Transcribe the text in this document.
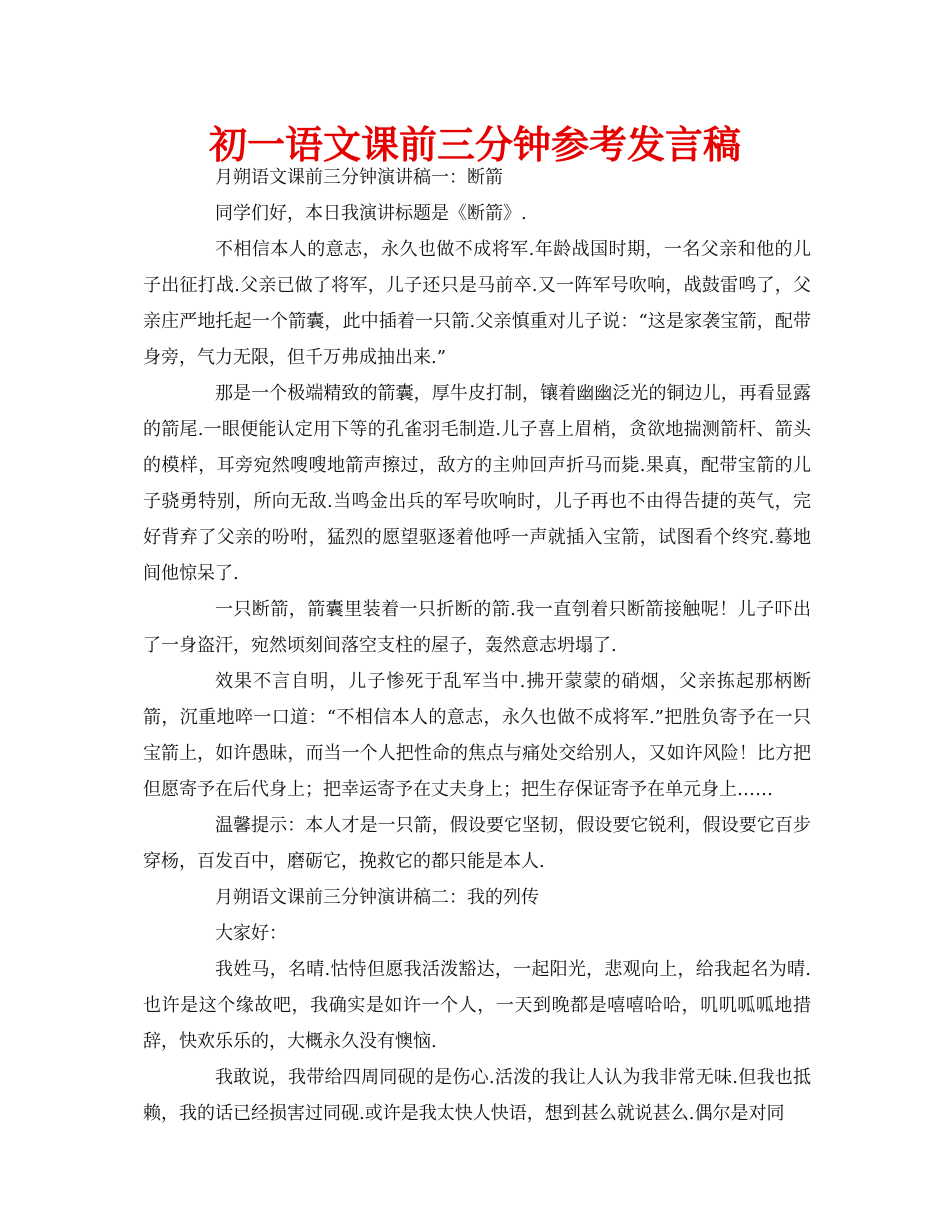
初一语文课前三分钟参考发言稿

月朔语文课前三分钟演讲稿一：断箭

同学们好，本日我演讲标题是《断箭》.

不相信本人的意志，永久也做不成将军.年龄战国时期，一名父亲和他的儿子出征打战.父亲已做了将军，儿子还只是马前卒.又一阵军号吹响，战鼓雷鸣了，父亲庄严地托起一个箭囊，此中插着一只箭.父亲慎重对儿子说：“这是家袭宝箭，配带身旁，气力无限，但千万弗成抽出来.”

那是一个极端精致的箭囊，厚牛皮打制，镶着幽幽泛光的铜边儿，再看显露的箭尾.一眼便能认定用下等的孔雀羽毛制造.儿子喜上眉梢，贪欲地揣测箭杆、箭头的模样，耳旁宛然嗖嗖地箭声擦过，敌方的主帅回声折马而毙.果真，配带宝箭的儿子骁勇特别，所向无敌.当鸣金出兵的军号吹响时，儿子再也不由得告捷的英气，完好背弃了父亲的吩咐，猛烈的愿望驱逐着他呼一声就插入宝箭，试图看个终究.蓦地间他惊呆了.

一只断箭，箭囊里装着一只折断的箭.我一直刳着只断箭接触呢！儿子吓出了一身盗汗，宛然顷刻间落空支柱的屋子，轰然意志坍塌了.

效果不言自明，儿子惨死于乱军当中.拂开蒙蒙的硝烟，父亲拣起那柄断箭，沉重地啐一口道：“不相信本人的意志，永久也做不成将军.”把胜负寄予在一只宝箭上，如许愚昧，而当一个人把性命的焦点与痛处交给别人，又如许风险！比方把但愿寄予在后代身上；把幸运寄予在丈夫身上；把生存保证寄予在单元身上……

温馨提示：本人才是一只箭，假设要它坚韧，假设要它锐利，假设要它百步穿杨，百发百中，磨砺它，挽救它的都只能是本人.

月朔语文课前三分钟演讲稿二：我的列传

大家好：

我姓马，名晴.怙恃但愿我活泼豁达，一起阳光，悲观向上，给我起名为晴.也许是这个缘故吧，我确实是如许一个人，一天到晚都是嘻嘻哈哈，叽叽呱呱地措辞，快欢乐乐的，大概永久没有懊恼.

我敢说，我带给四周同砚的是伤心.活泼的我让人认为我非常无味.但我也抵赖，我的话已经损害过同砚.或许是我太快人快语，想到甚么就说甚么.偶尔是对同
